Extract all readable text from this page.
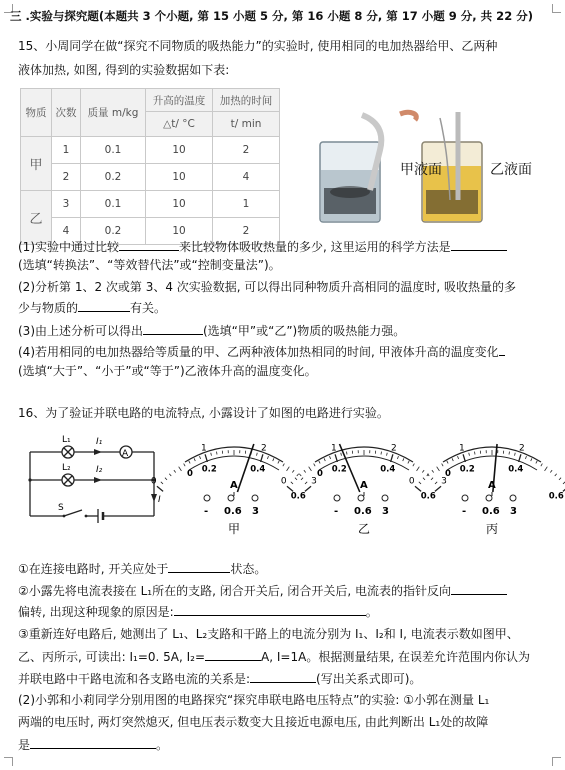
三 .实验与探究题(本题共 3 个小题, 第 15 小题 5 分, 第 16 小题 8 分, 第 17 小题 9 分, 共 22 分)
15、小周同学在做“探究不同物质的吸热能力”的实验时, 使用相同的电加热器给甲、乙两种
液体加热, 如图, 得到的实验数据如下表:
物质	次数	质量 m/kg	升高的温度	加热的时间
			△t/ °C	t/ min
甲	1	0.1	10	2
	2	0.2	10	4
乙	3	0.1	10	1
	4	0.2	10	2
甲液面	乙液面
(1)实验中通过比较	来比较物体吸收热量的多少, 这里运用的科学方法是
(选填“转换法”、“等效替代法”或“控制变量法”)。
(2)分析第 1、2 次或第 3、4 次实验数据, 可以得出同种物质升高相同的温度时, 吸收热量的多
少与物质的	有关。
(3)由上述分析可以得出	(选填“甲”或“乙”)物质的吸热能力强。
(4)若用相同的电加热器给等质量的甲、乙两种液体加热相同的时间, 甲液体升高的温度变化
(选填“大于”、“小于”或“等于”)乙液体升高的温度变化。
16、为了验证并联电路的电流特点, 小露设计了如图的电路进行实验。
L₁
L₂
I₁
I₂
I
A
S
0
1	2
3
0.2	0.4
0.6
0
A
- 0.6 3
甲
0
1	2
3
0.2	0.4
0.6
0
A
- 0.6 3
乙
0
1	2
0.2	0.4
0.6
0
A
- 0.6 3
丙
①在连接电路时, 开关应处于	状态。
②小露先将电流表接在 L₁所在的支路, 闭合开关后, 闭合开关后, 电流表的指针反向
偏转, 出现这种现象的原因是:	。
③重新连好电路后, 她测出了 L₁、L₂支路和干路上的电流分别为 I₁、I₂和 I, 电流表示数如图甲、
乙、丙所示, 可读出: I₁=0. 5A, I₂=	A, I=1A。根据测量结果, 在误差允许范围内你认为
并联电路中干路电流和各支路电流的关系是:	(写出关系式即可)。
(2)小郭和小莉同学分别用图的电路探究“探究串联电路电压特点”的实验: ①小郭在测量 L₁
两端的电压时, 两灯突然熄灭, 但电压表示数变大且接近电源电压, 由此判断出 L₁处的故障
是	。
